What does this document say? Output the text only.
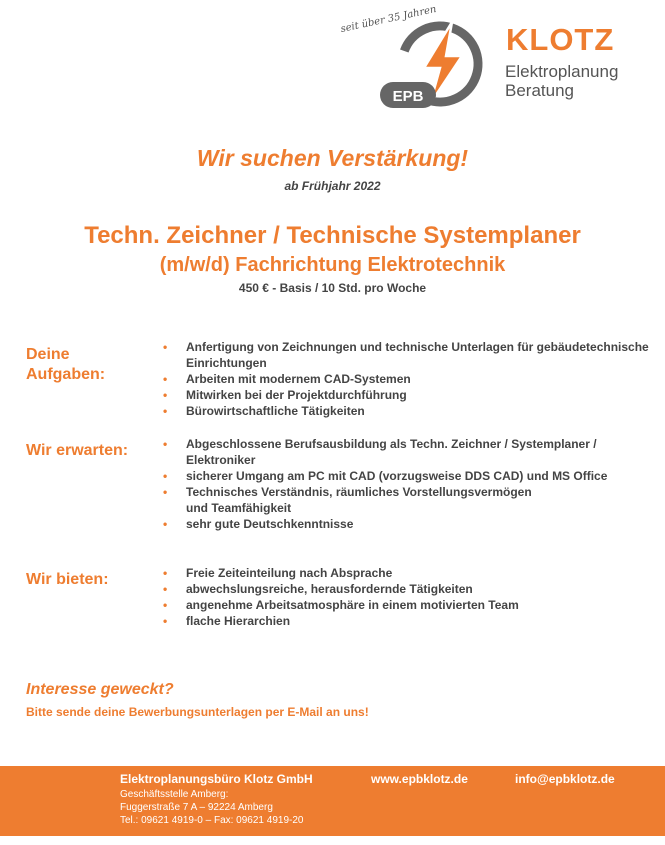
seit über 35 Jahren
EPB
KLOTZ
Elektroplanung
Beratung
Wir suchen Verstärkung!
ab Frühjahr 2022
Techn. Zeichner / Technische Systemplaner
(m/w/d) Fachrichtung Elektrotechnik
450 € - Basis / 10 Std. pro Woche
Deine Aufgaben:
• Anfertigung von Zeichnungen und technische Unterlagen für gebäudetechnische Einrichtungen
• Arbeiten mit modernem CAD-Systemen
• Mitwirken bei der Projektdurchführung
• Bürowirtschaftliche Tätigkeiten
Wir erwarten:	• Abgeschlossene Berufsausbildung als Techn. Zeichner / Systemplaner / Elektroniker
• sicherer Umgang am PC mit CAD (vorzugsweise DDS CAD) und MS Office
• Technisches Verständnis, räumliches Vorstellungsvermögen und Teamfähigkeit
• sehr gute Deutschkenntnisse
Wir bieten:	• Freie Zeiteinteilung nach Absprache
• abwechslungsreiche, herausfordernde Tätigkeiten
• angenehme Arbeitsatmosphäre in einem motivierten Team
• flache Hierarchien
Interesse geweckt?
Bitte sende deine Bewerbungsunterlagen per E-Mail an uns!
Elektroplanungsbüro Klotz GmbH
Geschäftsstelle Amberg:
Fuggerstraße 7 A – 92224 Amberg
Tel.: 09621 4919-0 – Fax: 09621 4919-20
www.epbklotz.de	info@epbklotz.de
